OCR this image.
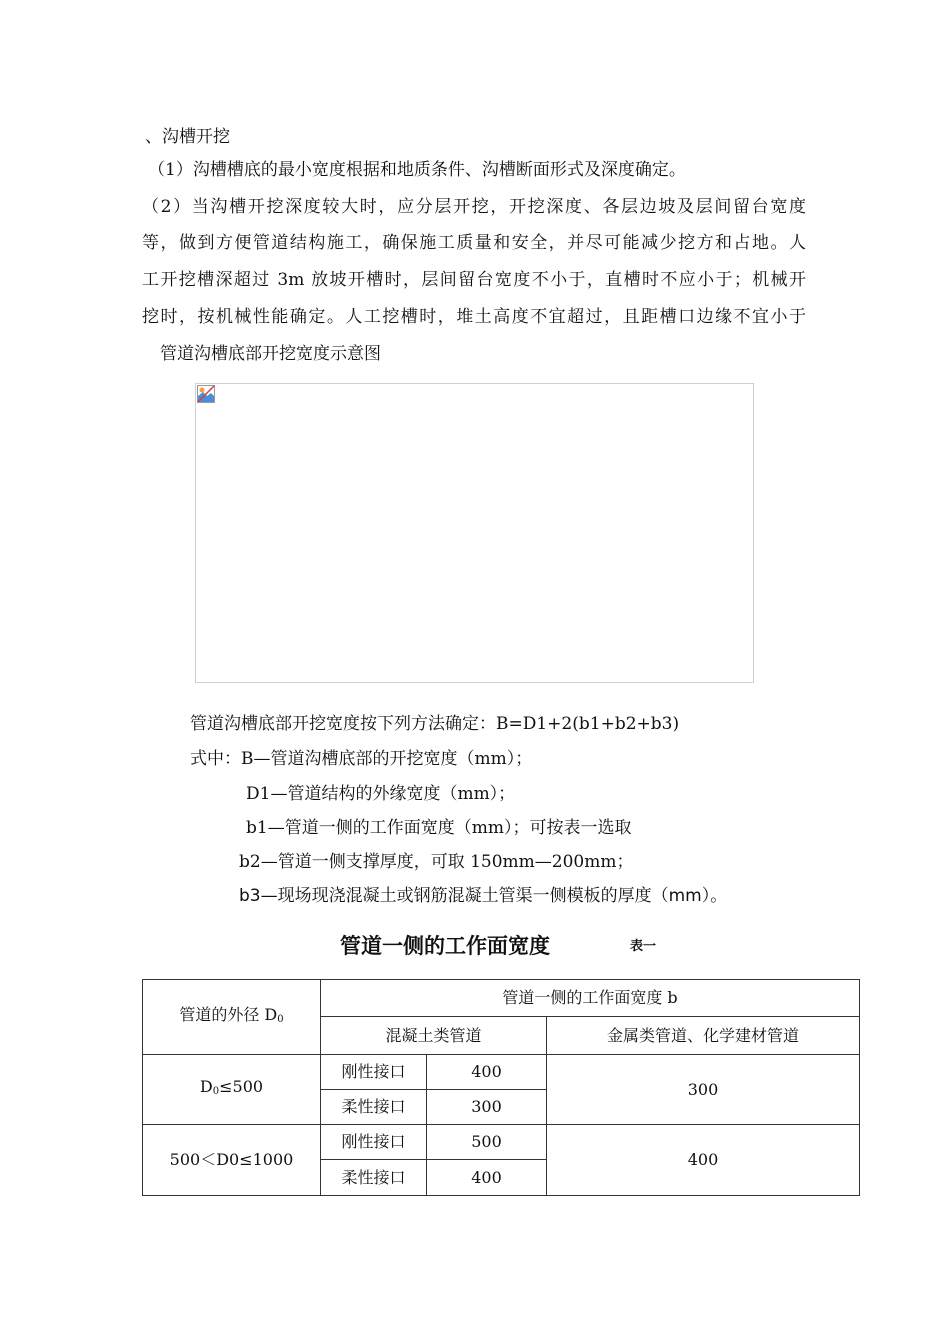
、沟槽开挖
（1）沟槽槽底的最小宽度根据和地质条件、沟槽断面形式及深度确定。
（2）当沟槽开挖深度较大时，应分层开挖，开挖深度、各层边坡及层间留台宽度
等，做到方便管道结构施工，确保施工质量和安全，并尽可能减少挖方和占地。人
工开挖槽深超过 3m 放坡开槽时，层间留台宽度不小于，直槽时不应小于；机械开
挖时，按机械性能确定。人工挖槽时，堆土高度不宜超过，且距槽口边缘不宜小于
管道沟槽底部开挖宽度示意图
管道沟槽底部开挖宽度按下列方法确定：B=D1+2(b1+b2+b3)
式中：B—管道沟槽底部的开挖宽度（mm）；
D1—管道结构的外缘宽度（mm）；
b1—管道一侧的工作面宽度（mm）；可按表一选取
b2—管道一侧支撑厚度，可取 150mm—200mm；
b3—现场现浇混凝土或钢筋混凝土管渠一侧模板的厚度（mm）。
管道一侧的工作面宽度	表一
管道的外径 $D_0$	管道一侧的工作面宽度 b		
	混凝土类管道		金属类管道、化学建材管道
$D_0\le 500$	刚性接口	400	300
	柔性接口	300	
500＜D0≤1000	刚性接口	500	400
	柔性接口	400	
